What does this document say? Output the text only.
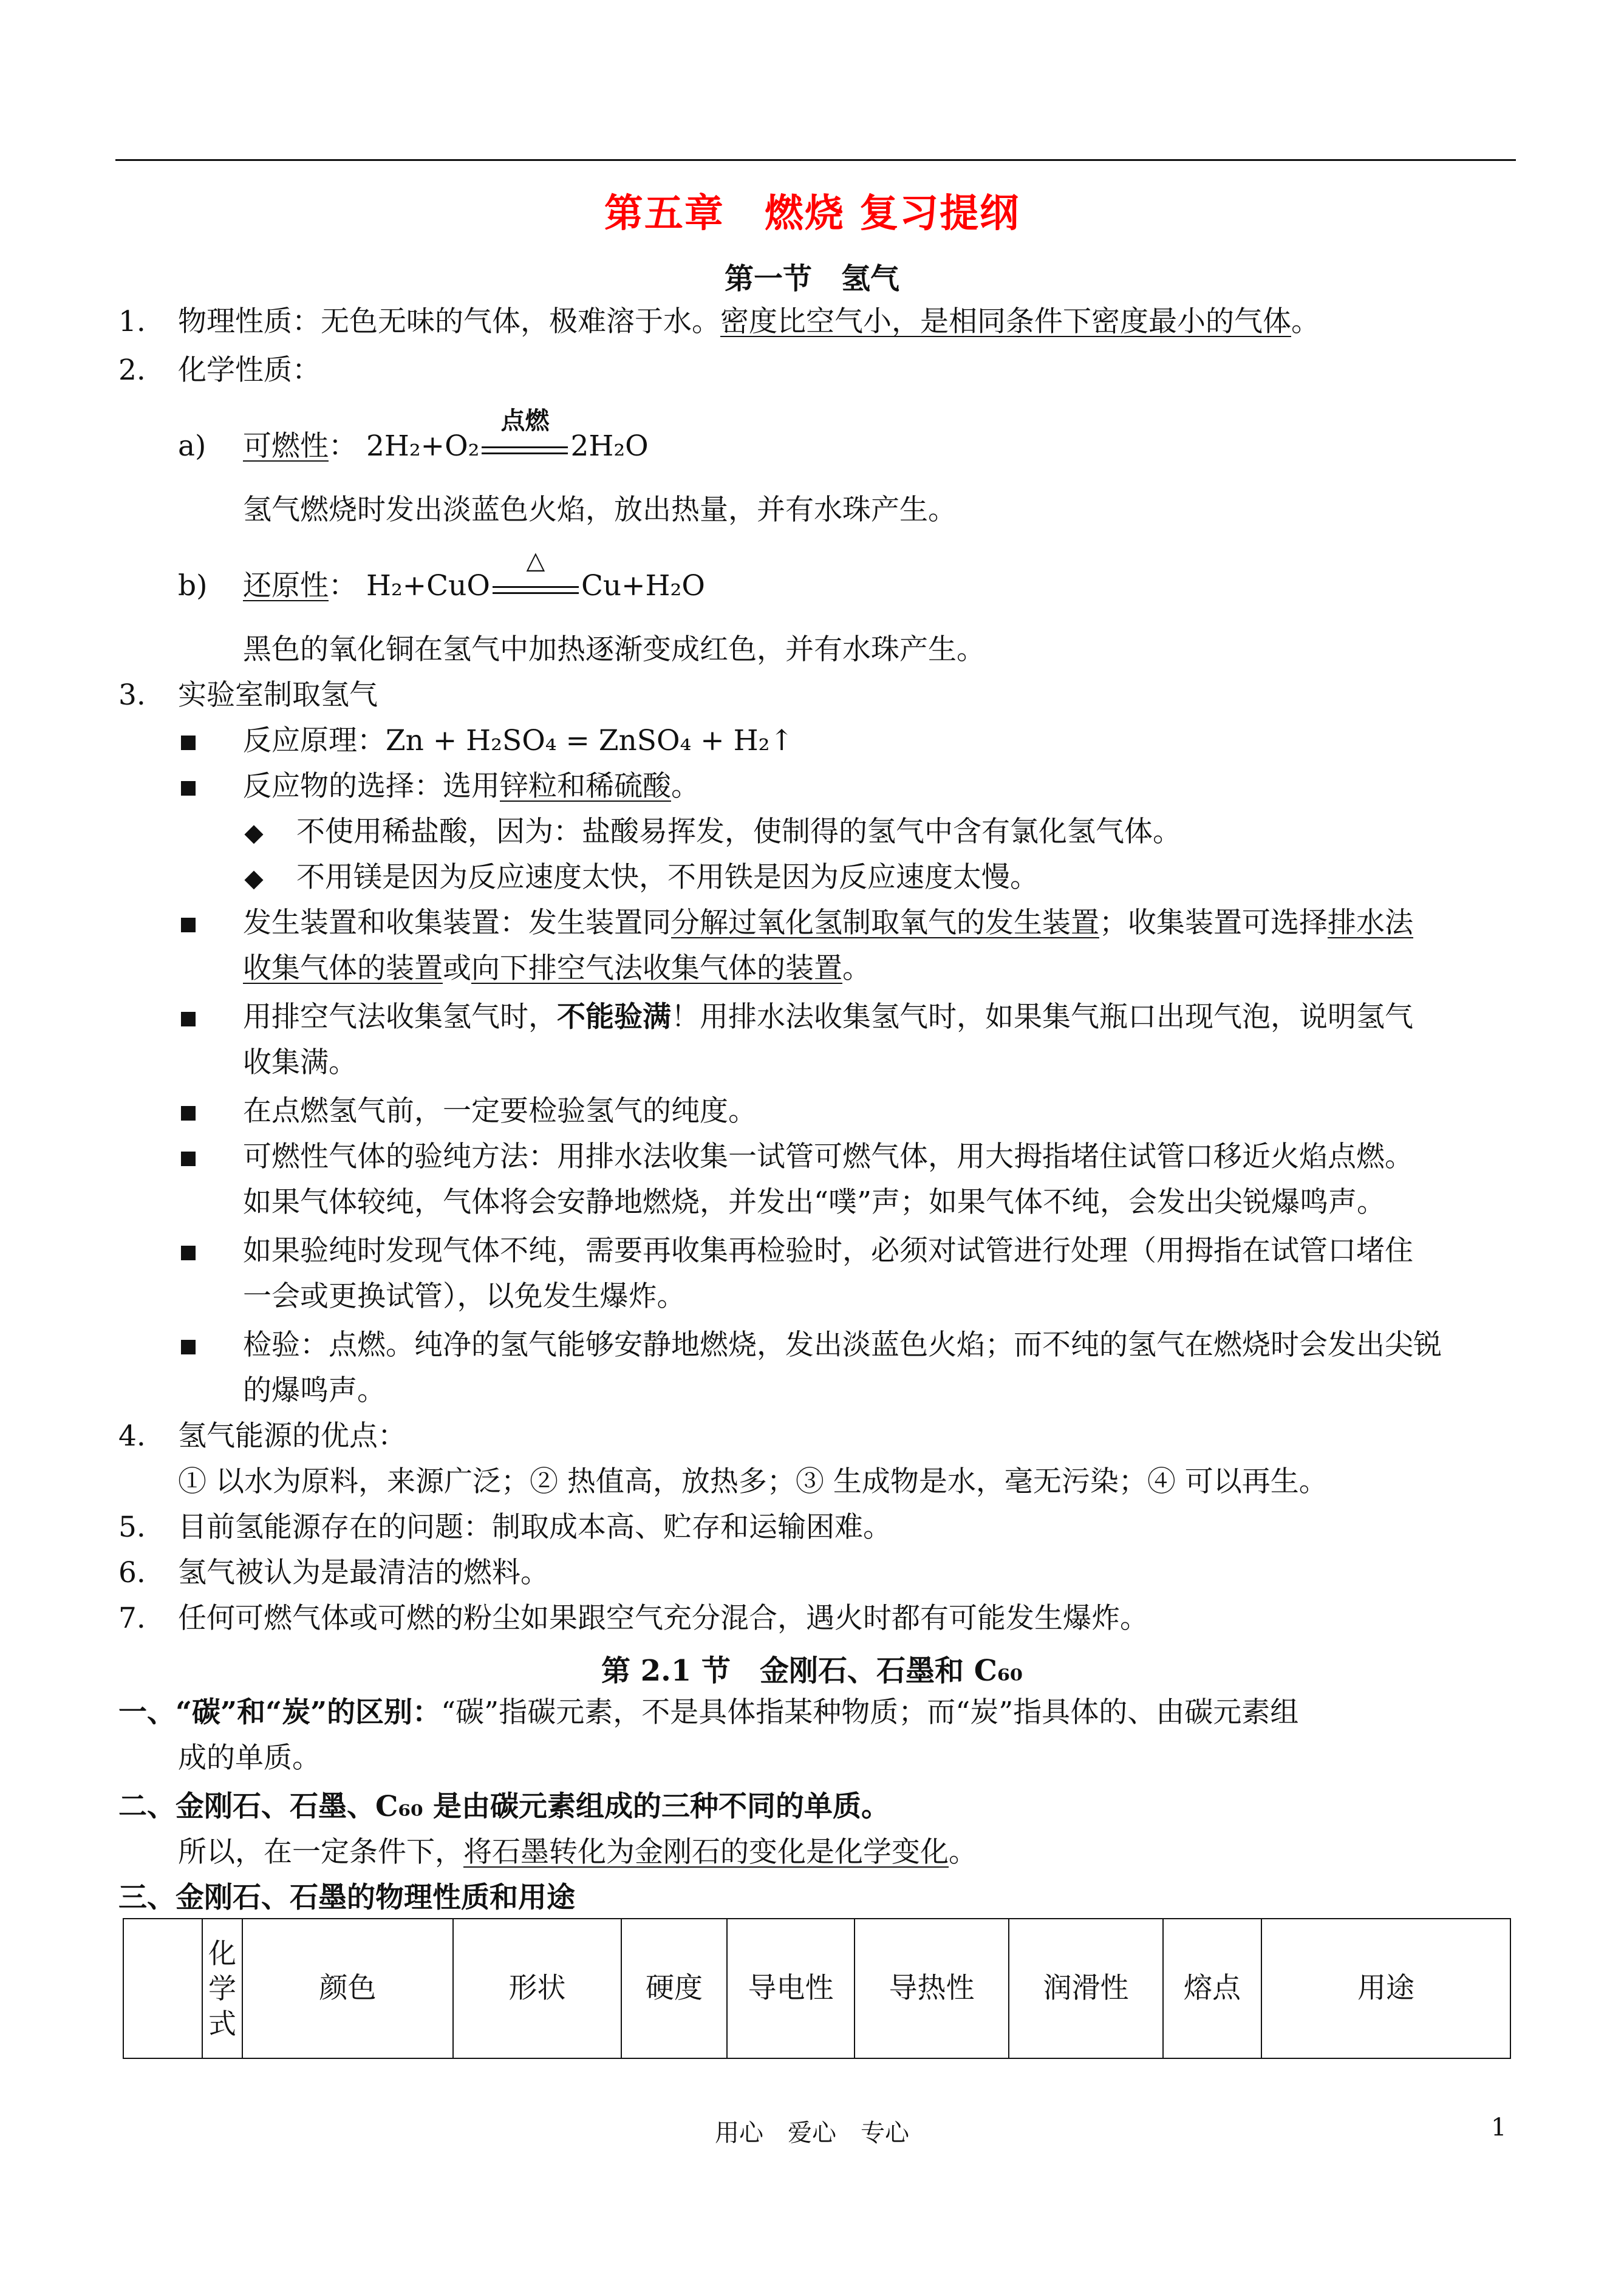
第五章　燃烧 复习提纲
第一节　氢气
1. 物理性质：无色无味的气体，极难溶于水。密度比空气小，是相同条件下密度最小的气体。
2. 化学性质：
a) 可燃性： 2H₂+O₂
点燃
2H₂O
氢气燃烧时发出淡蓝色火焰，放出热量，并有水珠产生。
b) 还原性： H₂+CuO
△
Cu+H₂O
黑色的氧化铜在氢气中加热逐渐变成红色，并有水珠产生。
3. 实验室制取氢气
反应原理：Zn + H₂SO₄ = ZnSO₄ + H₂↑
反应物的选择：选用锌粒和稀硫酸。
不使用稀盐酸，因为：盐酸易挥发，使制得的氢气中含有氯化氢气体。
不用镁是因为反应速度太快，不用铁是因为反应速度太慢。
发生装置和收集装置：发生装置同分解过氧化氢制取氧气的发生装置；收集装置可选择排水法
收集气体的装置或向下排空气法收集气体的装置。
用排空气法收集氢气时，不能验满！用排水法收集氢气时，如果集气瓶口出现气泡，说明氢气
收集满。
在点燃氢气前，一定要检验氢气的纯度。
可燃性气体的验纯方法：用排水法收集一试管可燃气体，用大拇指堵住试管口移近火焰点燃。
如果气体较纯，气体将会安静地燃烧，并发出“噗”声；如果气体不纯，会发出尖锐爆鸣声。
如果验纯时发现气体不纯，需要再收集再检验时，必须对试管进行处理（用拇指在试管口堵住
一会或更换试管），以免发生爆炸。
检验：点燃。纯净的氢气能够安静地燃烧，发出淡蓝色火焰；而不纯的氢气在燃烧时会发出尖锐
的爆鸣声。
4. 氢气能源的优点：
① 以水为原料，来源广泛；② 热值高，放热多；③ 生成物是水，毫无污染；④ 可以再生。
5. 目前氢能源存在的问题：制取成本高、贮存和运输困难。
6. 氢气被认为是最清洁的燃料。
7. 任何可燃气体或可燃的粉尘如果跟空气充分混合，遇火时都有可能发生爆炸。
第 2.1 节　金刚石、石墨和 C₆₀
一、“碳”和“炭”的区别：“碳”指碳元素，不是具体指某种物质；而“炭”指具体的、由碳元素组
成的单质。
二、金刚石、石墨、C₆₀ 是由碳元素组成的三种不同的单质。
所以，在一定条件下，将石墨转化为金刚石的变化是化学变化。
三、金刚石、石墨的物理性质和用途
	化学式	颜色	形状	硬度	导电性	导热性	润滑性	熔点	用途
用心　爱心　专心	1
